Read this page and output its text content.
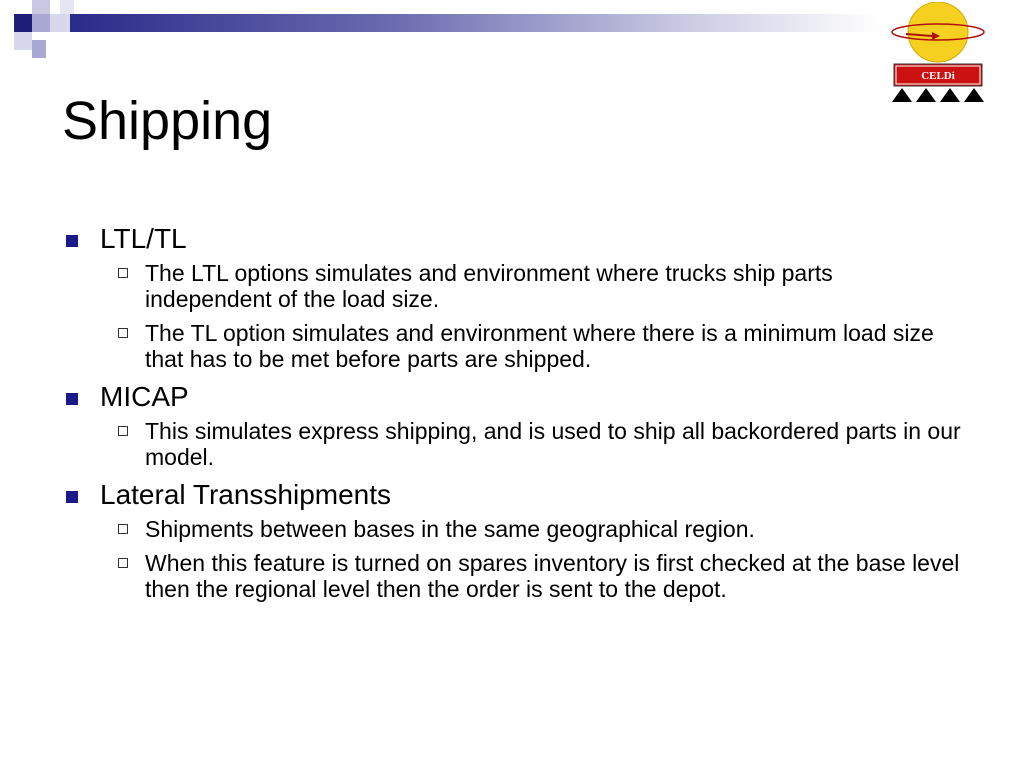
CELDi
Shipping
LTL/TL
The LTL options simulates and environment where trucks ship parts independent of the load size.
The TL option simulates and environment where there is a minimum load size that has to be met before parts are shipped.
MICAP
This simulates express shipping, and is used to ship all backordered parts in our model.
Lateral Transshipments
Shipments between bases in the same geographical region.
When this feature is turned on spares inventory is first checked at the base level then the regional level then the order is sent to the depot.
